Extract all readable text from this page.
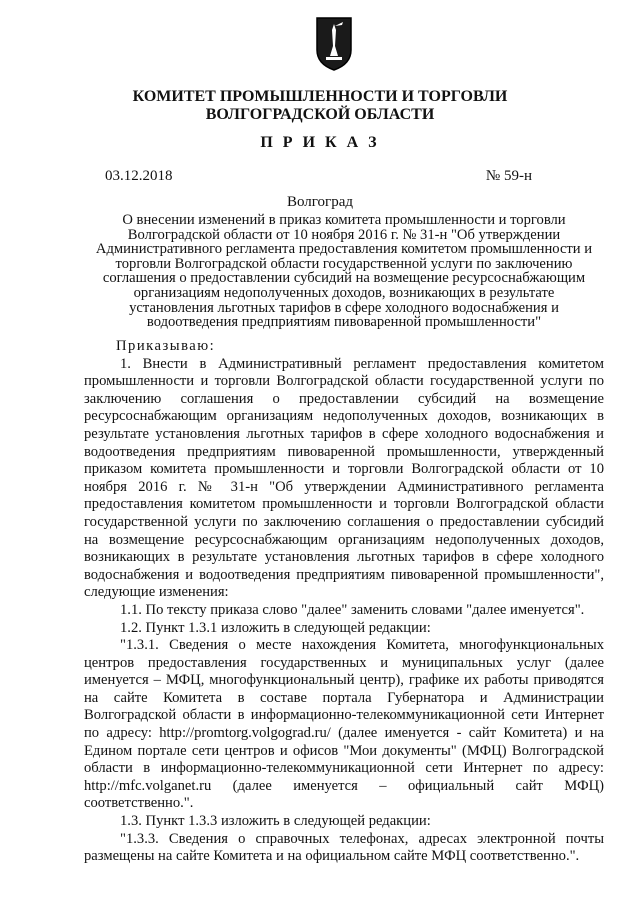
КОМИТЕТ ПРОМЫШЛЕННОСТИ И ТОРГОВЛИ
ВОЛГОГРАДСКОЙ ОБЛАСТИ
П Р И К А З
03.12.2018	№ 59-н
Волгоград
О внесении изменений в приказ комитета промышленности и торговли
Волгоградской области от 10 ноября 2016 г. № 31-н "Об утверждении
Административного регламента предоставления комитетом промышленности и
торговли Волгоградской области государственной услуги по заключению
соглашения о предоставлении субсидий на возмещение ресурсоснабжающим
организациям недополученных доходов, возникающих в результате
установления льготных тарифов в сфере холодного водоснабжения и
водоотведения предприятиям пивоваренной промышленности"

Приказываю:

1. Внести в Административный регламент предоставления комитетом промышленности и торговли Волгоградской области государственной услуги по заключению соглашения о предоставлении субсидий на возмещение ресурсоснабжающим организациям недополученных доходов, возникающих в результате установления льготных тарифов в сфере холодного водоснабжения и водоотведения предприятиям пивоваренной промышленности, утвержденный приказом комитета промышленности и торговли Волгоградской области от 10 ноября 2016 г. № 31-н "Об утверждении Административного регламента предоставления комитетом промышленности и торговли Волгоградской области государственной услуги по заключению соглашения о предоставлении субсидий на возмещение ресурсоснабжающим организациям недополученных доходов, возникающих в результате установления льготных тарифов в сфере холодного водоснабжения и водоотведения предприятиям пивоваренной промышленности", следующие изменения:

1.1. По тексту приказа слово "далее" заменить словами "далее именуется".

1.2. Пункт 1.3.1 изложить в следующей редакции:

"1.3.1. Сведения о месте нахождения Комитета, многофункциональных центров предоставления государственных и муниципальных услуг (далее именуется – МФЦ, многофункциональный центр), графике их работы приводятся на сайте Комитета в составе портала Губернатора и Администрации Волгоградской области в информационно-телекоммуникационной сети Интернет по адресу: http://promtorg.volgograd.ru/ (далее именуется - сайт Комитета) и на Едином портале сети центров и офисов "Мои документы" (МФЦ) Волгоградской области в информационно-телекоммуникационной сети Интернет по адресу: http://mfc.volganet.ru (далее именуется – официальный сайт МФЦ) соответственно.".

1.3. Пункт 1.3.3 изложить в следующей редакции:

"1.3.3. Сведения о справочных телефонах, адресах электронной почты размещены на сайте Комитета и на официальном сайте МФЦ соответственно.".
